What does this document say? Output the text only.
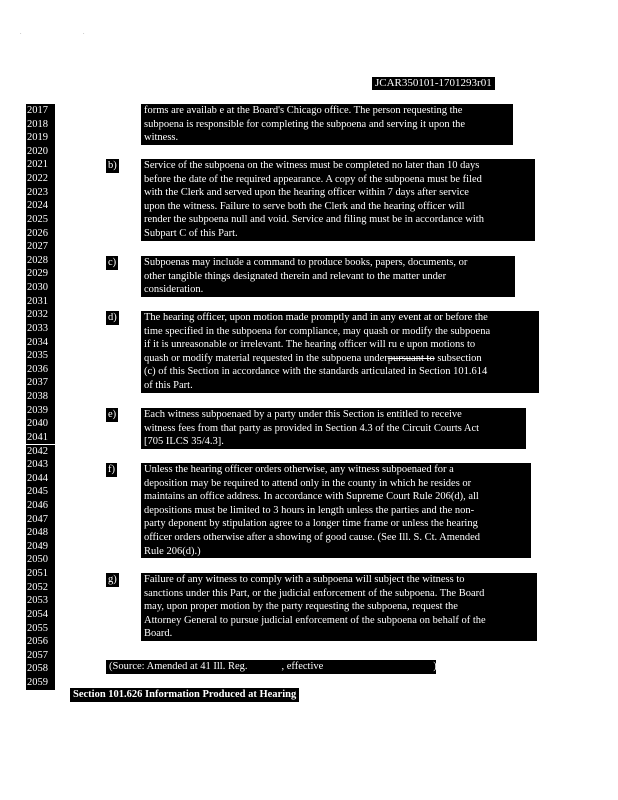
. .
JCAR350101-1701293r01
2017
2018
2019
2020
2021
2022
2023
2024
2025
2026
2027
2028
2029
2030
2031
2032
2033
2034
2035
2036
2037
2038
2039
2040
2041
2042
2043
2044
2045
2046
2047
2048
2049
2050
2051
2052
2053
2054
2055
2056
2057
2058
2059
forms are availab e at the Board's Chicago office. The person requesting the
subpoena is responsible for completing the subpoena and serving it upon the
witness.
b)	Service of the subpoena on the witness must be completed no later than 10 days
before the date of the required appearance. A copy of the subpoena must be filed
with the Clerk and served upon the hearing officer within 7 days after service
upon the witness. Failure to serve both the Clerk and the hearing officer will
render the subpoena null and void. Service and filing must be in accordance with
Subpart C of this Part.
c)	Subpoenas may include a command to produce books, papers, documents, or
other tangible things designated therein and relevant to the matter under
consideration.
d)	The hearing officer, upon motion made promptly and in any event at or before the
time specified in the subpoena for compliance, may quash or modify the subpoena
if it is unreasonable or irrelevant. The hearing officer will ru e upon motions to
quash or modify material requested in the subpoena underpursuant to subsection
(c) of this Section in accordance with the standards articulated in Section 101.614
of this Part.
e)	Each witness subpoenaed by a party under this Section is entitled to receive
witness fees from that party as provided in Section 4.3 of the Circuit Courts Act
[705 ILCS 35/4.3].
f)	Unless the hearing officer orders otherwise, any witness subpoenaed for a
deposition may be required to attend only in the county in which he resides or
maintains an office address. In accordance with Supreme Court Rule 206(d), all
depositions must be limited to 3 hours in length unless the parties and the non-
party deponent by stipulation agree to a longer time frame or unless the hearing
officer orders otherwise after a showing of good cause. (See Ill. S. Ct. Amended
Rule 206(d).)
g)	Failure of any witness to comply with a subpoena will subject the witness to
sanctions under this Part, or the judicial enforcement of the subpoena. The Board
may, upon proper motion by the party requesting the subpoena, request the
Attorney General to pursue judicial enforcement of the subpoena on behalf of the
Board.
(Source: Amended at 41 Ill. Reg.	, effective	)
Section 101.626 Information Produced at Hearing
